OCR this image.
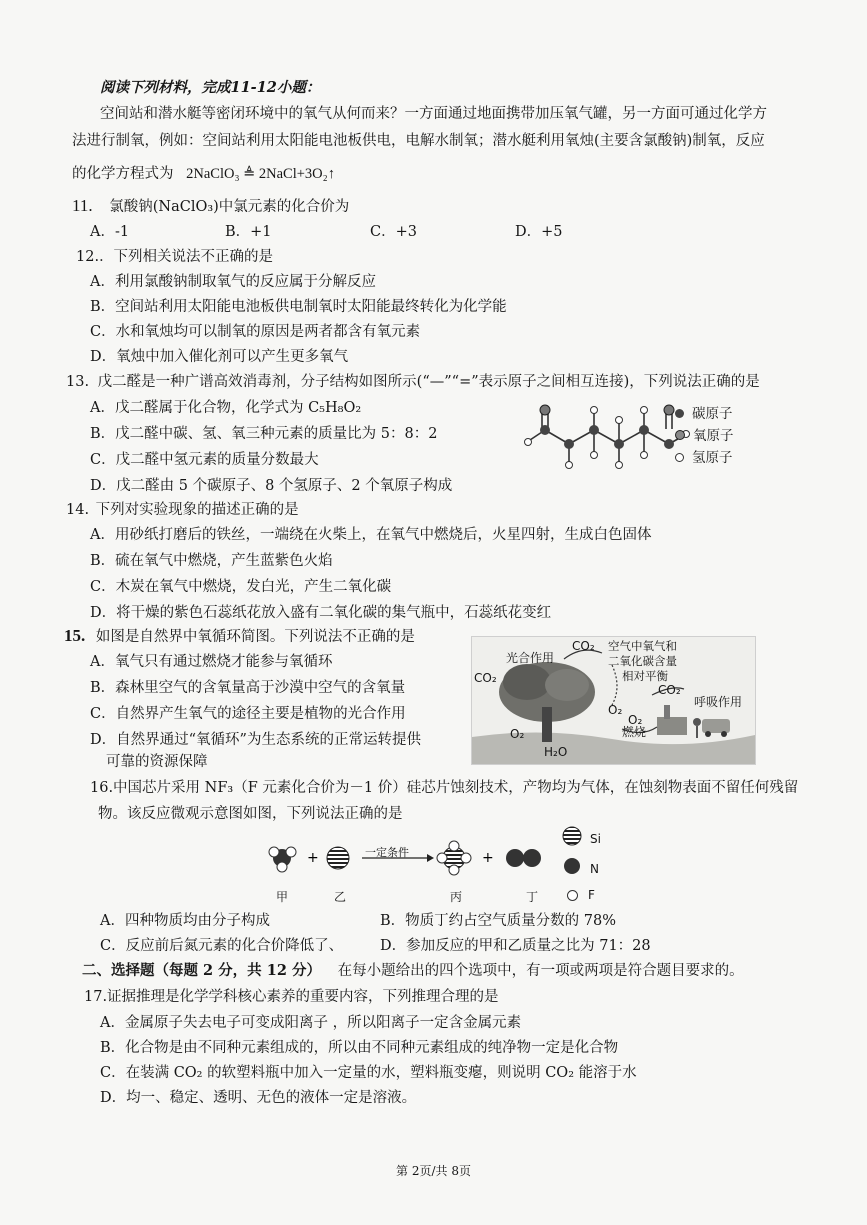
阅读下列材料，完成11-12小题：
空间站和潜水艇等密闭环境中的氧气从何而来？一方面通过地面携带加压氧气罐，另一方面可通过化学方
法进行制氧，例如：空间站利用太阳能电池板供电，电解水制氧；潜水艇利用氧烛(主要含氯酸钠)制氧，反应
的化学方程式为 2NaClO₃ ≜ 2NaCl+3O₂↑
11. 氯酸钠(NaClO₃)中氯元素的化合价为
A．-1	B．+1	C．+3	D．+5
12.．下列相关说法不正确的是
A．利用氯酸钠制取氧气的反应属于分解反应
B．空间站利用太阳能电池板供电制氧时太阳能最终转化为化学能
C．水和氧烛均可以制氧的原因是两者都含有氧元素
D．氧烛中加入催化剂可以产生更多氧气
13. 戊二醛是一种广谱高效消毒剂，分子结构如图所示(“—”“=”表示原子之间相互连接)，下列说法正确的是
A．戊二醛属于化合物，化学式为 C₅H₈O₂
B．戊二醛中碳、氢、氧三种元素的质量比为 5：8：2
C．戊二醛中氢元素的质量分数最大
D．戊二醛由 5 个碳原子、8 个氢原子、2 个氧原子构成
碳原子
氧原子
氢原子
14. 下列对实验现象的描述正确的是
A．用砂纸打磨后的铁丝，一端绕在火柴上，在氧气中燃烧后，火星四射，生成白色固体
B．硫在氧气中燃烧，产生蓝紫色火焰
C．木炭在氧气中燃烧，发白光，产生二氧化碳
D．将干燥的紫色石蕊纸花放入盛有二氧化碳的集气瓶中，石蕊纸花变红
15. 如图是自然界中氧循环简图。下列说法不正确的是
A．氧气只有通过燃烧才能参与氧循环
B．森林里空气的含氧量高于沙漠中空气的含氧量
C．自然界产生氧气的途径主要是植物的光合作用
D．自然界通过“氧循环”为生态系统的正常运转提供
可靠的资源保障
光合作用
CO₂ 空气中氧气和
二氧化碳含量
相对平衡
CO₂
呼吸作用
CO₂
O₂
O₂
O₂
燃烧
H₂O
16.中国芯片采用 NF₃（F 元素化合价为－1 价）硅芯片蚀刻技术，产物均为气体，在蚀刻物表面不留任何残留
物。该反应微观示意图如图，下列说法正确的是
+	+
一定条件
Si
N
F
甲	乙	丙	丁
A．四种物质均由分子构成	B．物质丁约占空气质量分数的 78%
C．反应前后氮元素的化合价降低了、	D．参加反应的甲和乙质量之比为 71：28
二、选择题（每题 2 分，共 12 分） 在每小题给出的四个选项中，有一项或两项是符合题目要求的。
17.证据推理是化学学科核心素养的重要内容，下列推理合理的是
A．金属原子失去电子可变成阳离子 ，所以阳离子一定含金属元素
B．化合物是由不同种元素组成的，所以由不同种元素组成的纯净物一定是化合物
C．在装满 CO₂ 的软塑料瓶中加入一定量的水，塑料瓶变瘪，则说明 CO₂ 能溶于水
D．均一、稳定、透明、无色的液体一定是溶液。
第 2页/共 8页
